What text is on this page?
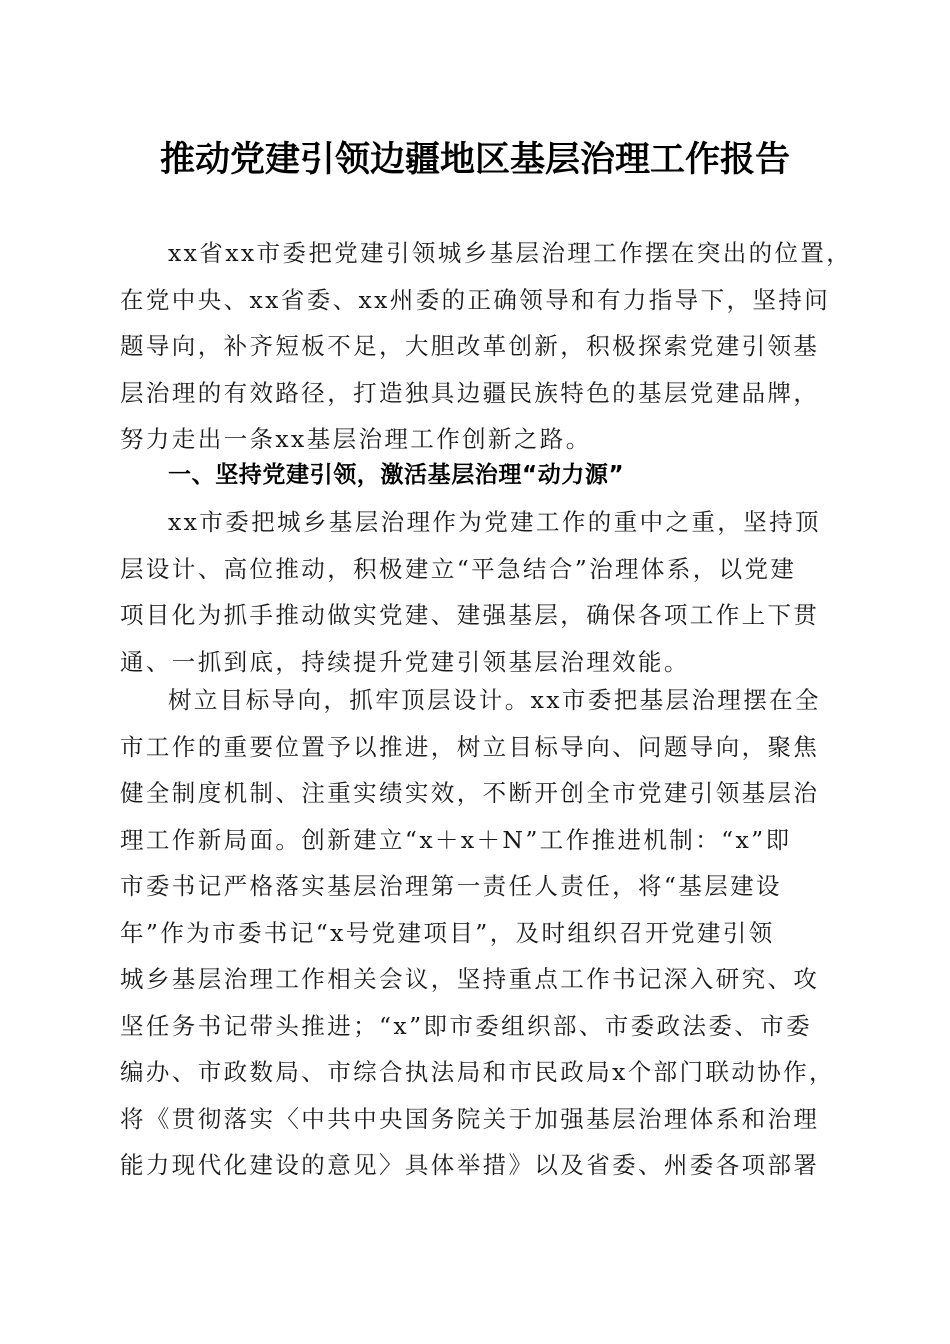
推动党建引领边疆地区基层治理工作报告
xx省xx市委把党建引领城乡基层治理工作摆在突出的位置，
在党中央、xx省委、xx州委的正确领导和有力指导下，坚持问
题导向，补齐短板不足，大胆改革创新，积极探索党建引领基
层治理的有效路径，打造独具边疆民族特色的基层党建品牌，
努力走出一条xx基层治理工作创新之路。
一、坚持党建引领，激活基层治理“动力源”
xx市委把城乡基层治理作为党建工作的重中之重，坚持顶
层设计、高位推动，积极建立“平急结合”治理体系，以党建
项目化为抓手推动做实党建、建强基层，确保各项工作上下贯
通、一抓到底，持续提升党建引领基层治理效能。
树立目标导向，抓牢顶层设计。xx市委把基层治理摆在全
市工作的重要位置予以推进，树立目标导向、问题导向，聚焦
健全制度机制、注重实绩实效，不断开创全市党建引领基层治
理工作新局面。创新建立“x＋x＋N”工作推进机制：“x”即
市委书记严格落实基层治理第一责任人责任，将“基层建设
年”作为市委书记“x号党建项目”，及时组织召开党建引领
城乡基层治理工作相关会议，坚持重点工作书记深入研究、攻
坚任务书记带头推进；“x”即市委组织部、市委政法委、市委
编办、市政数局、市综合执法局和市民政局x个部门联动协作，
将《贯彻落实〈中共中央国务院关于加强基层治理体系和治理
能力现代化建设的意见〉具体举措》以及省委、州委各项部署
